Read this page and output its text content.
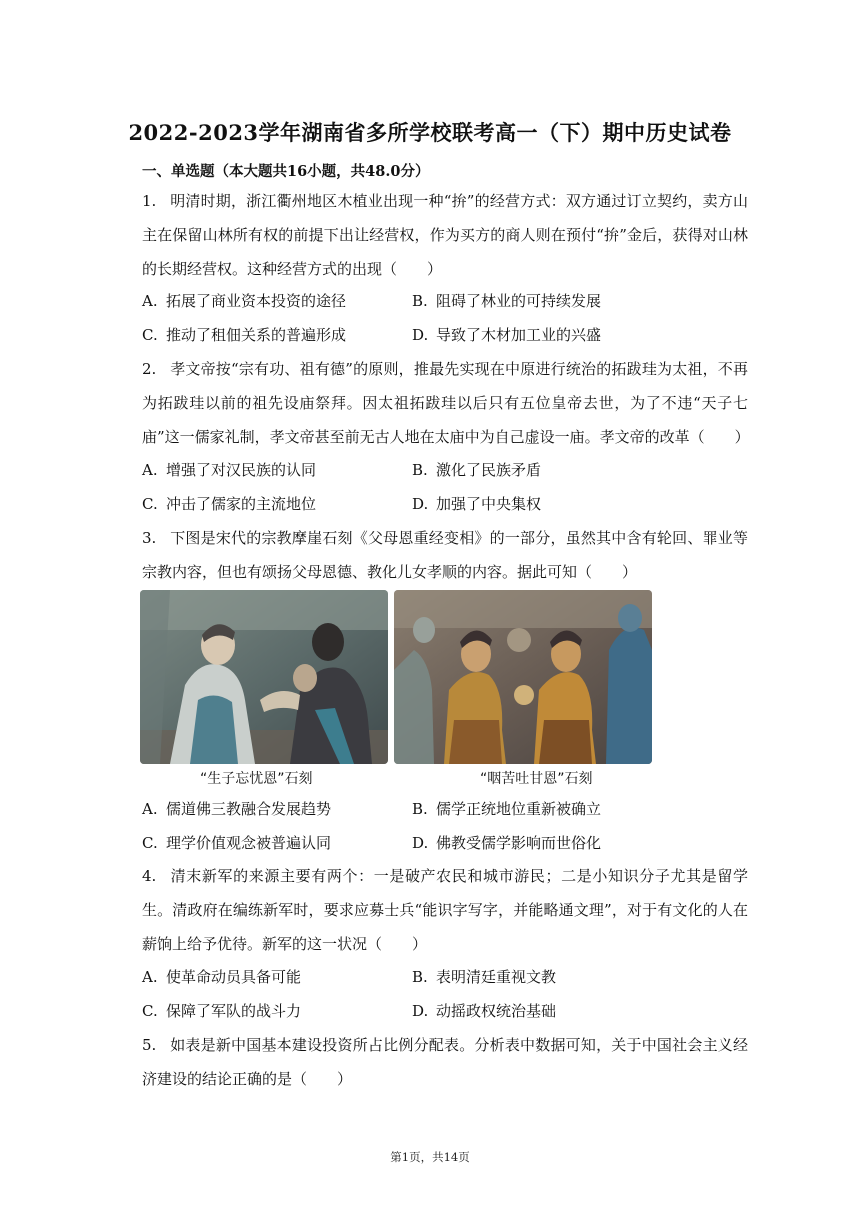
2022-2023学年湖南省多所学校联考高一（下）期中历史试卷
一、单选题（本大题共16小题，共48.0分）
1. 明清时期，浙江衢州地区木植业出现一种“拚”的经营方式：双方通过订立契约，卖方山主在保留山林所有权的前提下出让经营权，作为买方的商人则在预付“拚”金后，获得对山林的长期经营权。这种经营方式的出现（　　）
A. 拓展了商业资本投资的途径	B. 阻碍了林业的可持续发展
C. 推动了租佃关系的普遍形成	D. 导致了木材加工业的兴盛
2. 孝文帝按“宗有功、祖有德”的原则，推最先实现在中原进行统治的拓跋珪为太祖，不再为拓跋珪以前的祖先设庙祭拜。因太祖拓跋珪以后只有五位皇帝去世，为了不违“天子七庙”这一儒家礼制，孝文帝甚至前无古人地在太庙中为自己虚设一庙。孝文帝的改革（　　）
A. 增强了对汉民族的认同	B. 激化了民族矛盾
C. 冲击了儒家的主流地位	D. 加强了中央集权
3. 下图是宋代的宗教摩崖石刻《父母恩重经变相》的一部分，虽然其中含有轮回、罪业等宗教内容，但也有颂扬父母恩德、教化儿女孝顺的内容。据此可知（　　）
“生子忘忧恩”石刻	“咽苦吐甘恩”石刻
A. 儒道佛三教融合发展趋势	B. 儒学正统地位重新被确立
C. 理学价值观念被普遍认同	D. 佛教受儒学影响而世俗化
4. 清末新军的来源主要有两个：一是破产农民和城市游民；二是小知识分子尤其是留学生。清政府在编练新军时，要求应募士兵“能识字写字，并能略通文理”，对于有文化的人在薪饷上给予优待。新军的这一状况（　　）
A. 使革命动员具备可能	B. 表明清廷重视文教
C. 保障了军队的战斗力	D. 动摇政权统治基础
5. 如表是新中国基本建设投资所占比例分配表。分析表中数据可知，关于中国社会主义经济建设的结论正确的是（　　）
第1页，共14页
